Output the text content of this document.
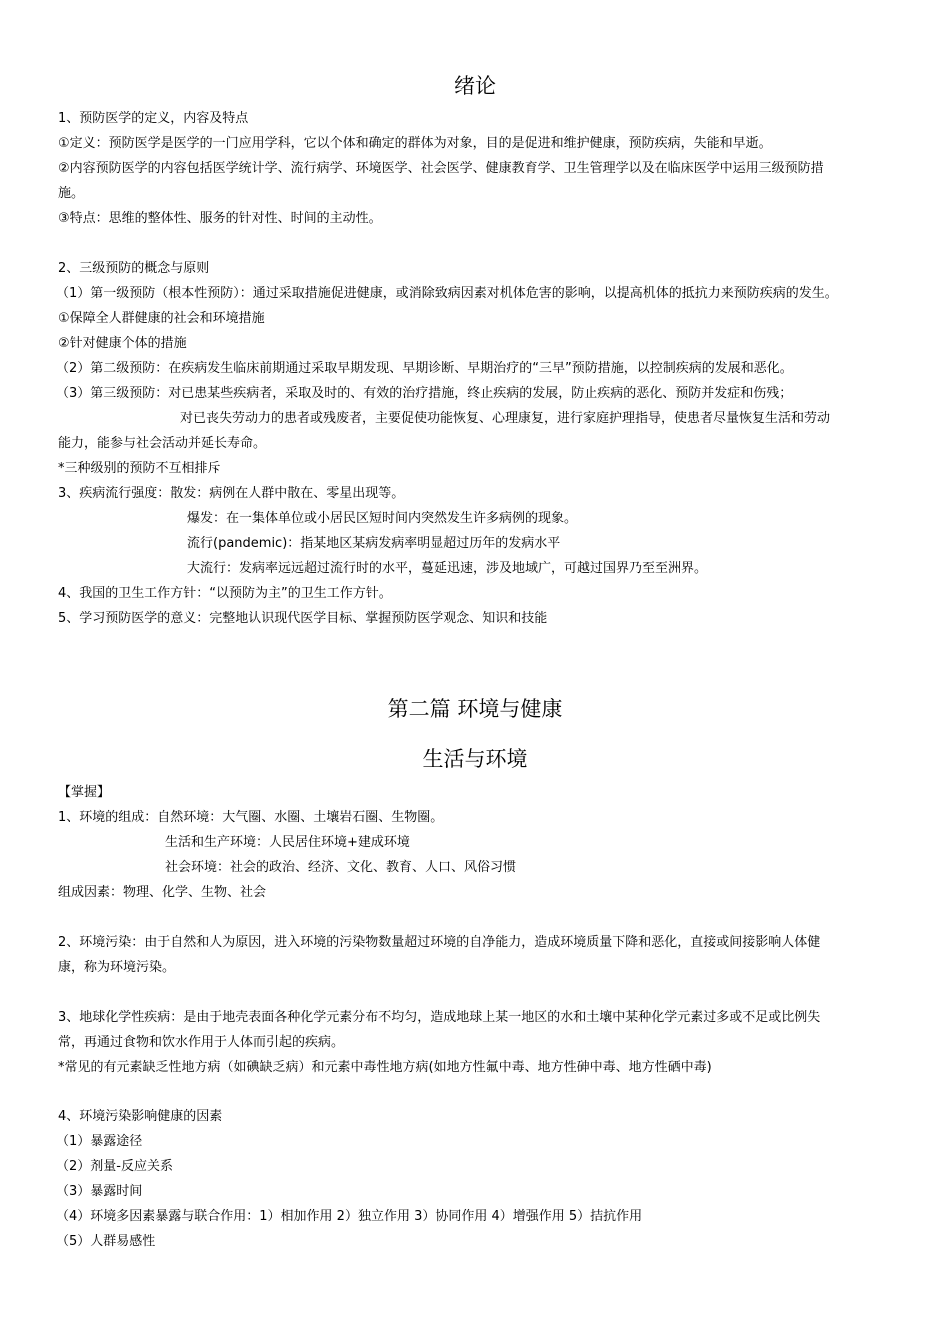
绪论
1、预防医学的定义，内容及特点
①定义：预防医学是医学的一门应用学科，它以个体和确定的群体为对象，目的是促进和维护健康，预防疾病，失能和早逝。
②内容预防医学的内容包括医学统计学、流行病学、环境医学、社会医学、健康教育学、卫生管理学以及在临床医学中运用三级预防措
施。
③特点：思维的整体性、服务的针对性、时间的主动性。
2、三级预防的概念与原则
（1）第一级预防（根本性预防）：通过采取措施促进健康，或消除致病因素对机体危害的影响，以提高机体的抵抗力来预防疾病的发生。
①保障全人群健康的社会和环境措施
②针对健康个体的措施
（2）第二级预防：在疾病发生临床前期通过采取早期发现、早期诊断、早期治疗的“三早”预防措施，以控制疾病的发展和恶化。
（3）第三级预防：对已患某些疾病者，采取及时的、有效的治疗措施，终止疾病的发展，防止疾病的恶化、预防并发症和伤残；
对已丧失劳动力的患者或残废者，主要促使功能恢复、心理康复，进行家庭护理指导，使患者尽量恢复生活和劳动
能力，能参与社会活动并延长寿命。
*三种级别的预防不互相排斥
3、疾病流行强度：散发：病例在人群中散在、零星出现等。
爆发：在一集体单位或小居民区短时间内突然发生许多病例的现象。
流行(pandemic)：指某地区某病发病率明显超过历年的发病水平
大流行：发病率远远超过流行时的水平，蔓延迅速，涉及地域广，可越过国界乃至至洲界。
4、我国的卫生工作方针：“以预防为主”的卫生工作方针。
5、学习预防医学的意义：完整地认识现代医学目标、掌握预防医学观念、知识和技能
第二篇 环境与健康
生活与环境
【掌握】
1、环境的组成：自然环境：大气圈、水圈、土壤岩石圈、生物圈。
生活和生产环境：人民居住环境+建成环境
社会环境：社会的政治、经济、文化、教育、人口、风俗习惯
组成因素：物理、化学、生物、社会
2、环境污染：由于自然和人为原因，进入环境的污染物数量超过环境的自净能力，造成环境质量下降和恶化，直接或间接影响人体健
康，称为环境污染。
3、地球化学性疾病：是由于地壳表面各种化学元素分布不均匀，造成地球上某一地区的水和土壤中某种化学元素过多或不足或比例失
常，再通过食物和饮水作用于人体而引起的疾病。
*常见的有元素缺乏性地方病（如碘缺乏病）和元素中毒性地方病(如地方性氟中毒、地方性砷中毒、地方性硒中毒)
4、环境污染影响健康的因素
（1）暴露途径
（2）剂量-反应关系
（3）暴露时间
（4）环境多因素暴露与联合作用：1）相加作用 2）独立作用 3）协同作用 4）增强作用 5）拮抗作用
（5）人群易感性
